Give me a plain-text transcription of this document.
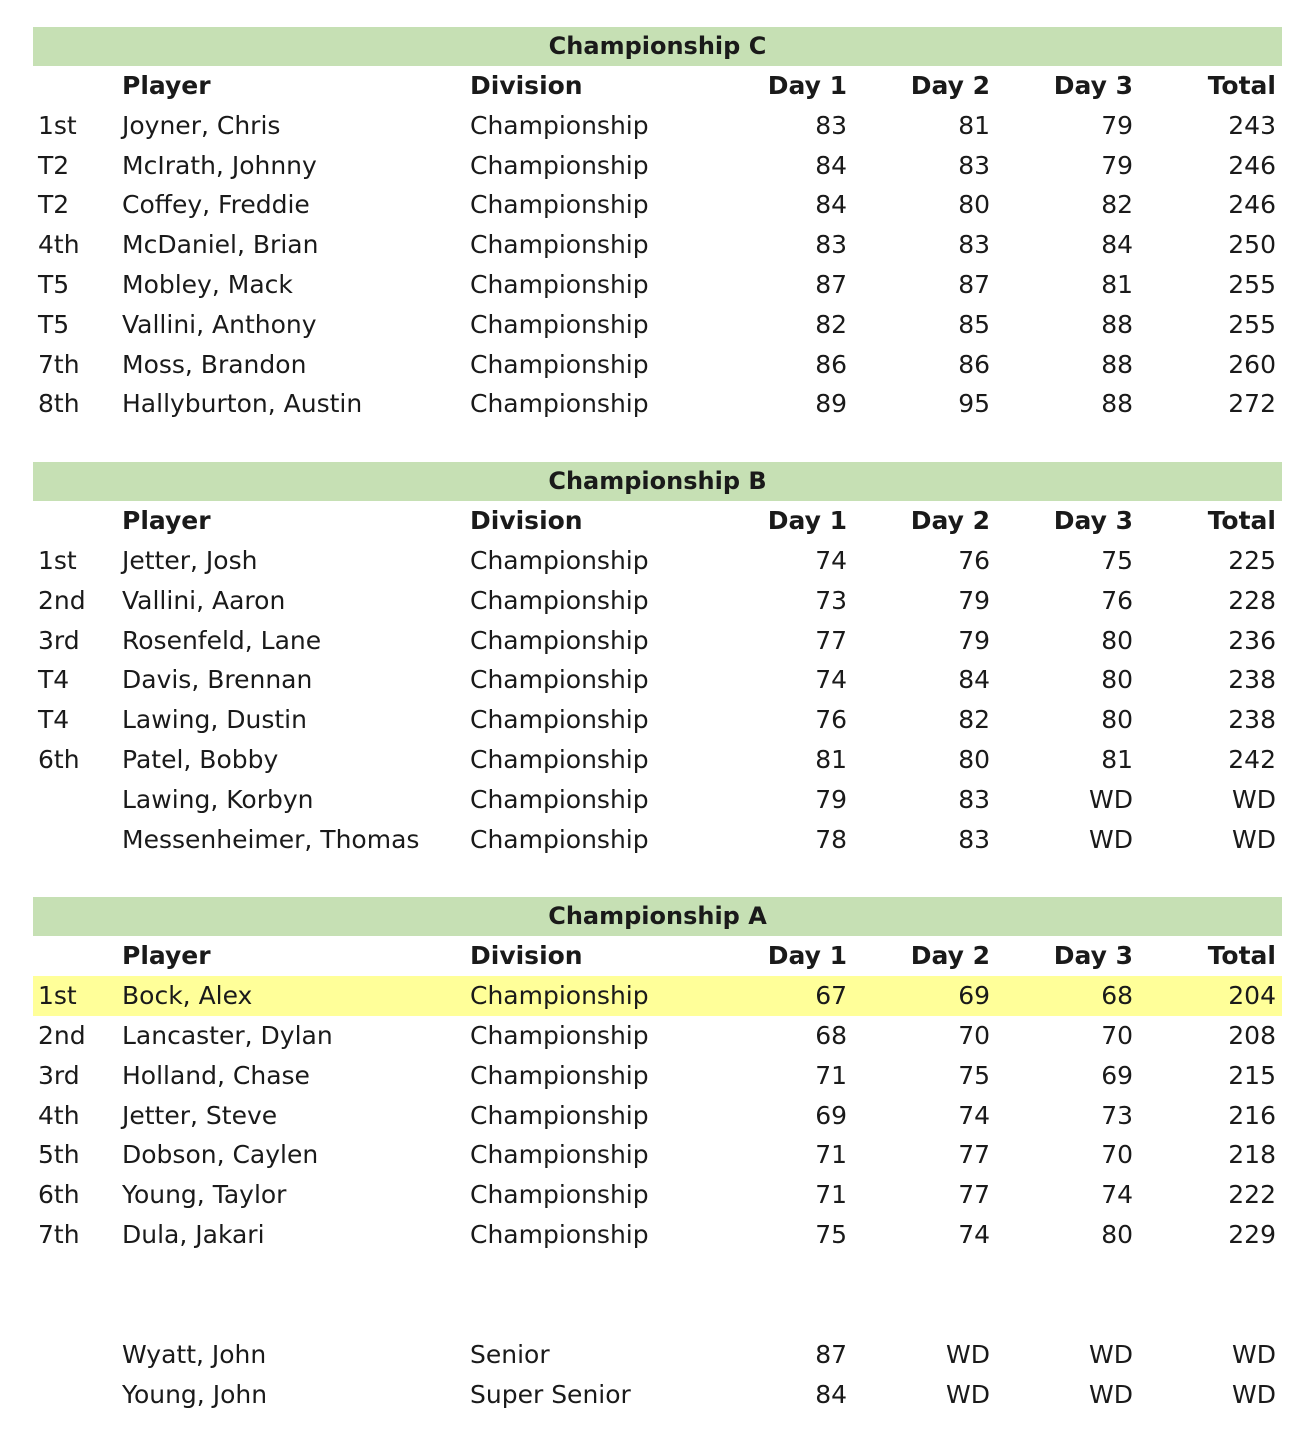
Championship C
Player	Division	Day 1	Day 2	Day 3	Total
1st	Joyner, Chris	Championship	83	81	79	243
T2	McIrath, Johnny	Championship	84	83	79	246
T2	Coffey, Freddie	Championship	84	80	82	246
4th	McDaniel, Brian	Championship	83	83	84	250
T5	Mobley, Mack	Championship	87	87	81	255
T5	Vallini, Anthony	Championship	82	85	88	255
7th	Moss, Brandon	Championship	86	86	88	260
8th	Hallyburton, Austin	Championship	89	95	88	272
Championship B
Player	Division	Day 1	Day 2	Day 3	Total
1st	Jetter, Josh	Championship	74	76	75	225
2nd	Vallini, Aaron	Championship	73	79	76	228
3rd	Rosenfeld, Lane	Championship	77	79	80	236
T4	Davis, Brennan	Championship	74	84	80	238
T4	Lawing, Dustin	Championship	76	82	80	238
6th	Patel, Bobby	Championship	81	80	81	242
Lawing, Korbyn	Championship	79	83	WD	WD
Messenheimer, Thomas	Championship	78	83	WD	WD
Championship A
Player	Division	Day 1	Day 2	Day 3	Total
1st	Bock, Alex	Championship	67	69	68	204
2nd	Lancaster, Dylan	Championship	68	70	70	208
3rd	Holland, Chase	Championship	71	75	69	215
4th	Jetter, Steve	Championship	69	74	73	216
5th	Dobson, Caylen	Championship	71	77	70	218
6th	Young, Taylor	Championship	71	77	74	222
7th	Dula, Jakari	Championship	75	74	80	229
Wyatt, John	Senior	87	WD	WD	WD
Young, John	Super Senior	84	WD	WD	WD
